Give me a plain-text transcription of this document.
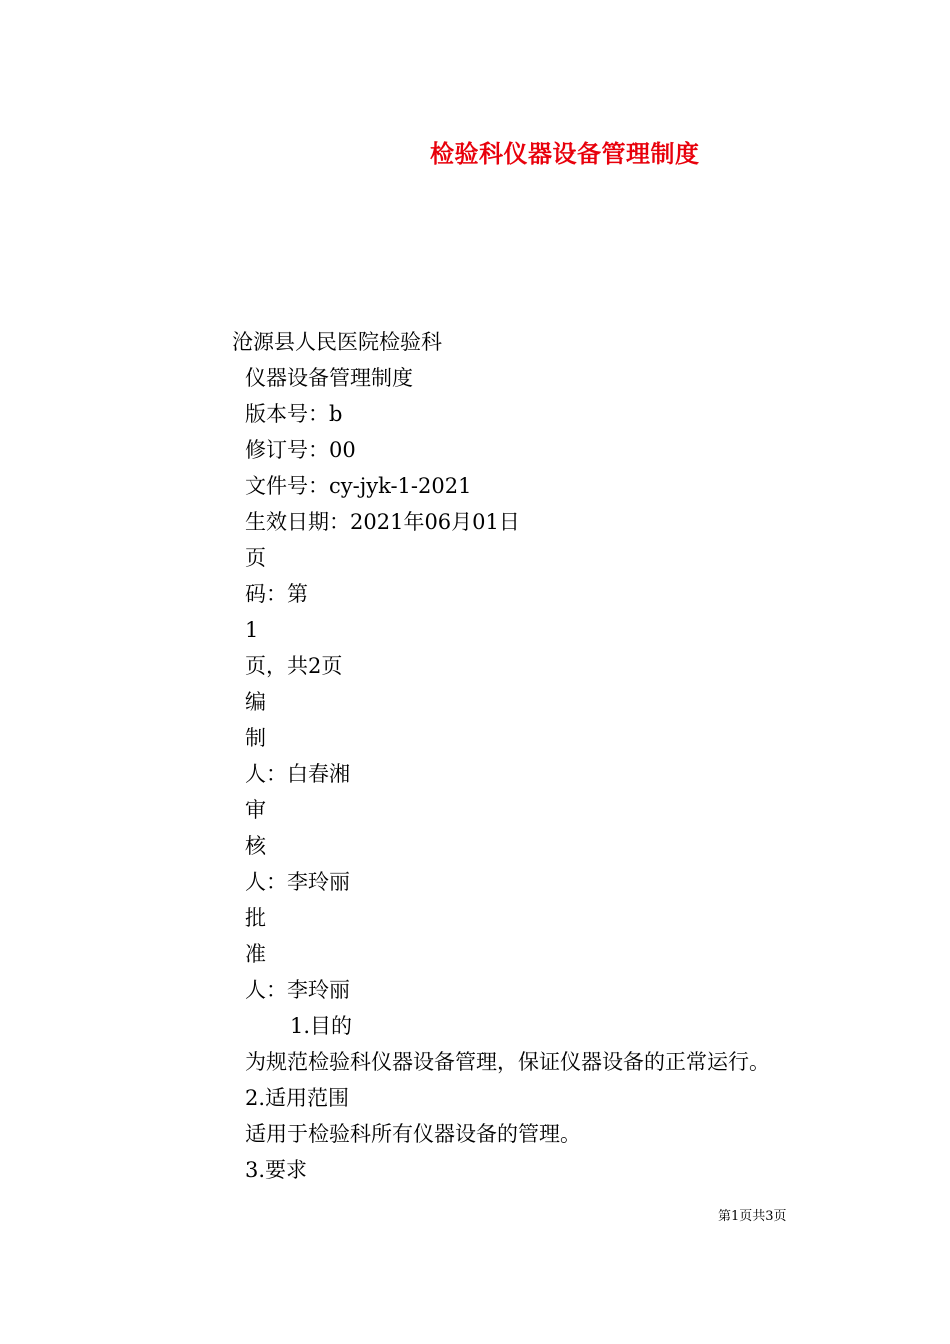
检验科仪器设备管理制度
沧源县人民医院检验科
仪器设备管理制度
版本号：b
修订号：00
文件号：cy-jyk-1-2021
生效日期：2021年06月01日
页
码：第
1
页，共2页
编
制
人：白春湘
审
核
人：李玲丽
批
准
人：李玲丽
1.目的
为规范检验科仪器设备管理，保证仪器设备的正常运行。
2.适用范围
适用于检验科所有仪器设备的管理。
3.要求
第1页共3页
